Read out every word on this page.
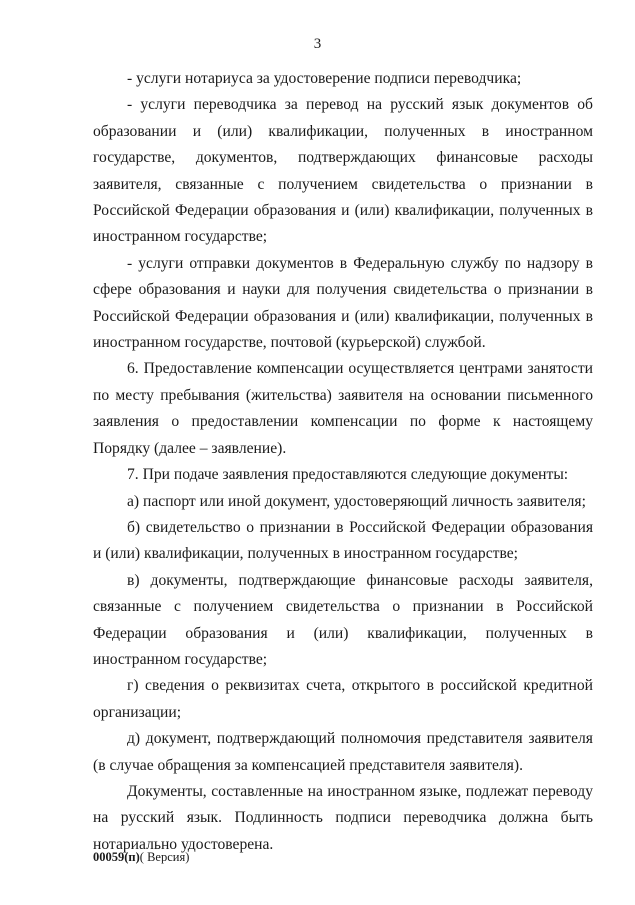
3

- услуги нотариуса за удостоверение подписи переводчика;

- услуги переводчика за перевод на русский язык документов об образовании и (или) квалификации, полученных в иностранном государстве, документов, подтверждающих финансовые расходы заявителя, связанные с получением свидетельства о признании в Российской Федерации образования и (или) квалификации, полученных в иностранном государстве;

- услуги отправки документов в Федеральную службу по надзору в сфере образования и науки для получения свидетельства о признании в Российской Федерации образования и (или) квалификации, полученных в иностранном государстве, почтовой (курьерской) службой.

6. Предоставление компенсации осуществляется центрами занятости по месту пребывания (жительства) заявителя на основании письменного заявления о предоставлении компенсации по форме к настоящему Порядку (далее – заявление).

7. При подаче заявления предоставляются следующие документы:

а) паспорт или иной документ, удостоверяющий личность заявителя;

б) свидетельство о признании в Российской Федерации образования и (или) квалификации, полученных в иностранном государстве;

в) документы, подтверждающие финансовые расходы заявителя, связанные с получением свидетельства о признании в Российской Федерации образования и (или) квалификации, полученных в иностранном государстве;

г) сведения о реквизитах счета, открытого в российской кредитной организации;

д) документ, подтверждающий полномочия представителя заявителя (в случае обращения за компенсацией представителя заявителя).

Документы, составленные на иностранном языке, подлежат переводу на русский язык. Подлинность подписи переводчика должна быть нотариально удостоверена.

00059(п)( Версия)
